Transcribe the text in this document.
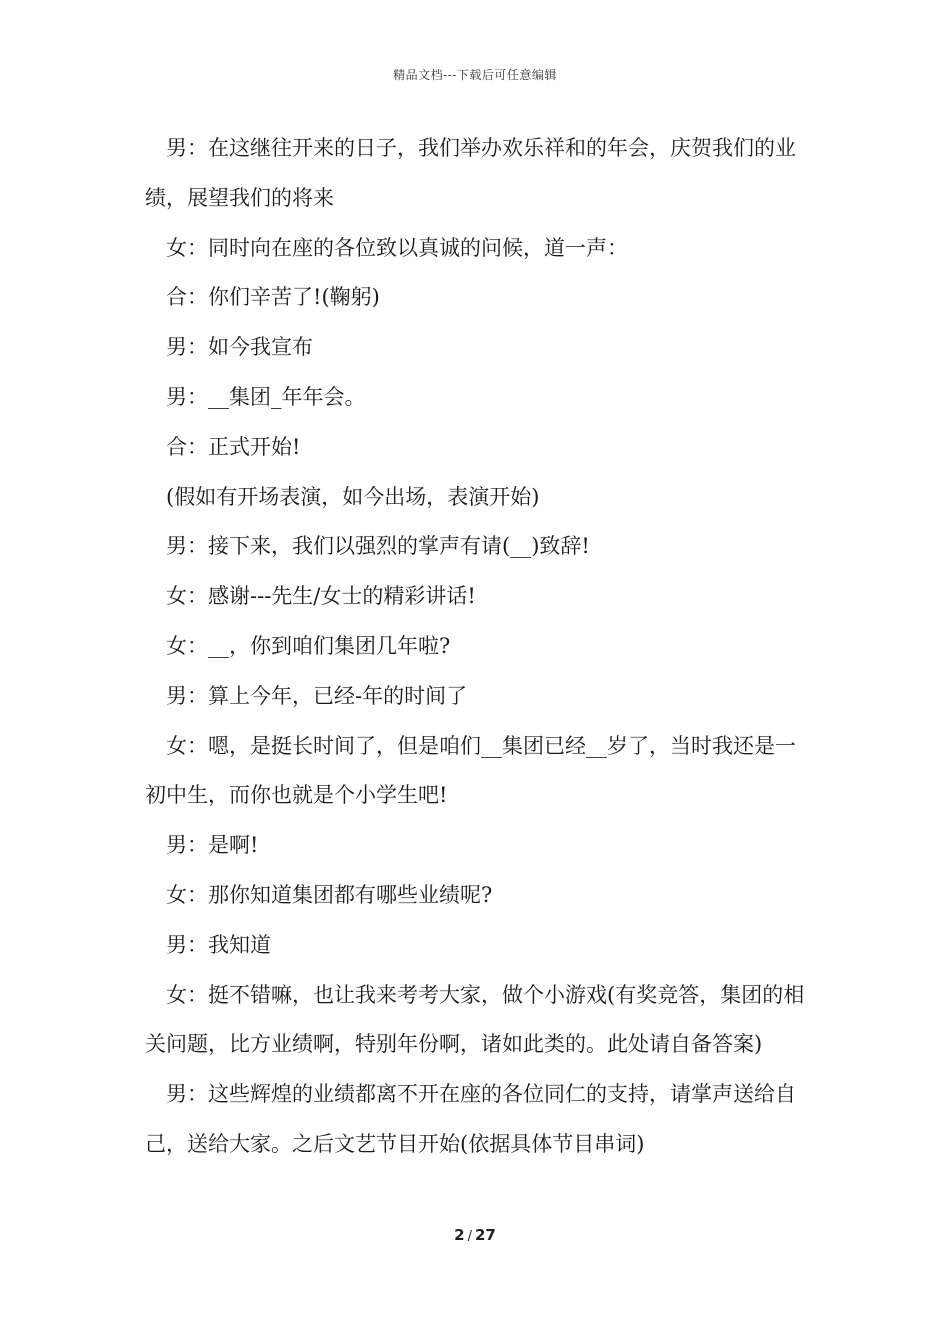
精品文档---下载后可任意编辑

男：在这继往开来的日子，我们举办欢乐祥和的年会，庆贺我们的业绩，展望我们的将来

女：同时向在座的各位致以真诚的问候，道一声：

合：你们辛苦了!(鞠躬)

男：如今我宣布

男：__集团_年年会。

合：正式开始!

(假如有开场表演，如今出场，表演开始)

男：接下来，我们以强烈的掌声有请(__)致辞!

女：感谢---先生/女士的精彩讲话!

女：__，你到咱们集团几年啦?

男：算上今年，已经-年的时间了

女：嗯，是挺长时间了，但是咱们__集团已经__岁了，当时我还是一初中生，而你也就是个小学生吧!

男：是啊!

女：那你知道集团都有哪些业绩呢?

男：我知道

女：挺不错嘛，也让我来考考大家，做个小游戏(有奖竞答，集团的相关问题，比方业绩啊，特别年份啊，诸如此类的。此处请自备答案)

男：这些辉煌的业绩都离不开在座的各位同仁的支持，请掌声送给自己，送给大家。之后文艺节目开始(依据具体节目串词)

2 / 27
